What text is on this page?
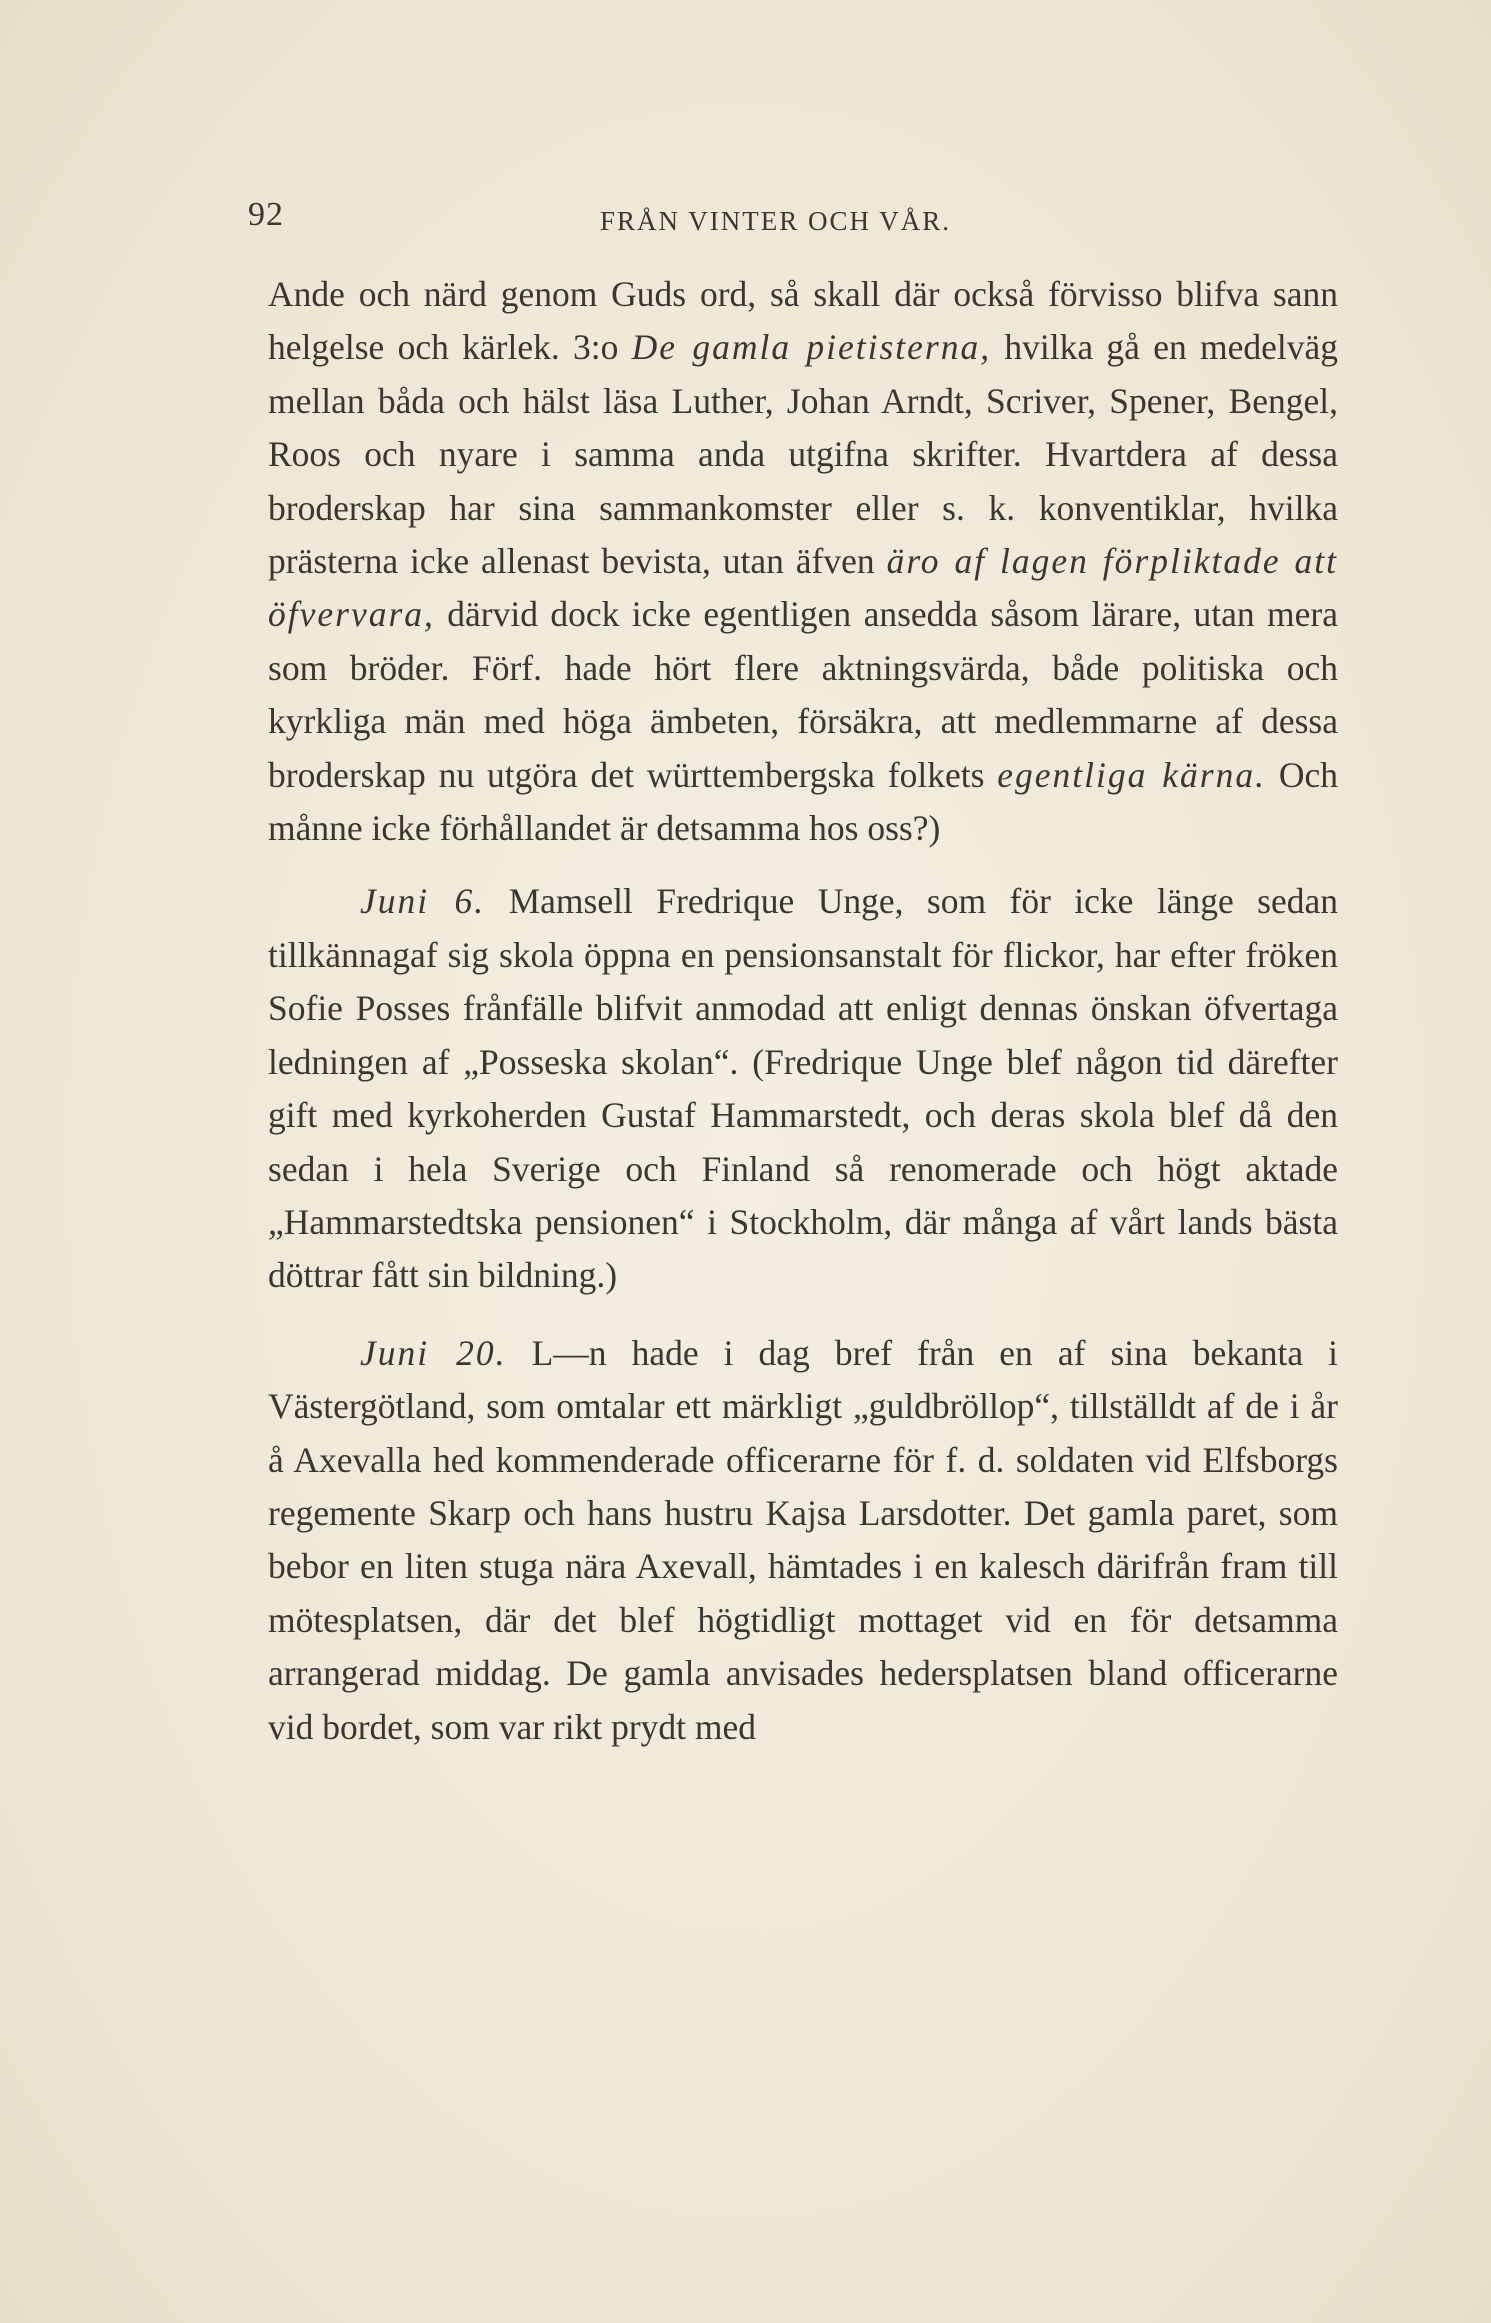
92	FRÅN VINTER OCH VÅR.

Ande och närd genom Guds ord, så skall där också förvisso blifva sann helgelse och kärlek. 3:o De gamla pietisterna, hvilka gå en medelväg mellan båda och hälst läsa Luther, Johan Arndt, Scriver, Spener, Bengel, Roos och nyare i samma anda utgifna skrifter. Hvartdera af dessa broderskap har sina sammankomster eller s. k. konventiklar, hvilka prästerna icke allenast bevista, utan äfven äro af lagen förpliktade att öfvervara, därvid dock icke egentligen ansedda såsom lärare, utan mera som bröder. Förf. hade hört flere aktningsvärda, både politiska och kyrkliga män med höga ämbeten, försäkra, att medlemmarne af dessa broderskap nu utgöra det württembergska folkets egentliga kärna. Och månne icke förhållandet är detsamma hos oss?)

Juni 6. Mamsell Fredrique Unge, som för icke länge sedan tillkännagaf sig skola öppna en pensionsanstalt för flickor, har efter fröken Sofie Posses frånfälle blifvit anmodad att enligt dennas önskan öfvertaga ledningen af „Posseska skolan“. (Fredrique Unge blef någon tid därefter gift med kyrkoherden Gustaf Hammarstedt, och deras skola blef då den sedan i hela Sverige och Finland så renomerade och högt aktade „Hammarstedtska pensionen“ i Stockholm, där många af vårt lands bästa döttrar fått sin bildning.)

Juni 20. L—n hade i dag bref från en af sina bekanta i Västergötland, som omtalar ett märkligt „guldbröllop“, tillställdt af de i år å Axevalla hed kommenderade officerarne för f. d. soldaten vid Elfsborgs regemente Skarp och hans hustru Kajsa Larsdotter. Det gamla paret, som bebor en liten stuga nära Axevall, hämtades i en kalesch därifrån fram till mötesplatsen, där det blef högtidligt mottaget vid en för detsamma arrangerad middag. De gamla anvisades hedersplatsen bland officerarne vid bordet, som var rikt prydt med
